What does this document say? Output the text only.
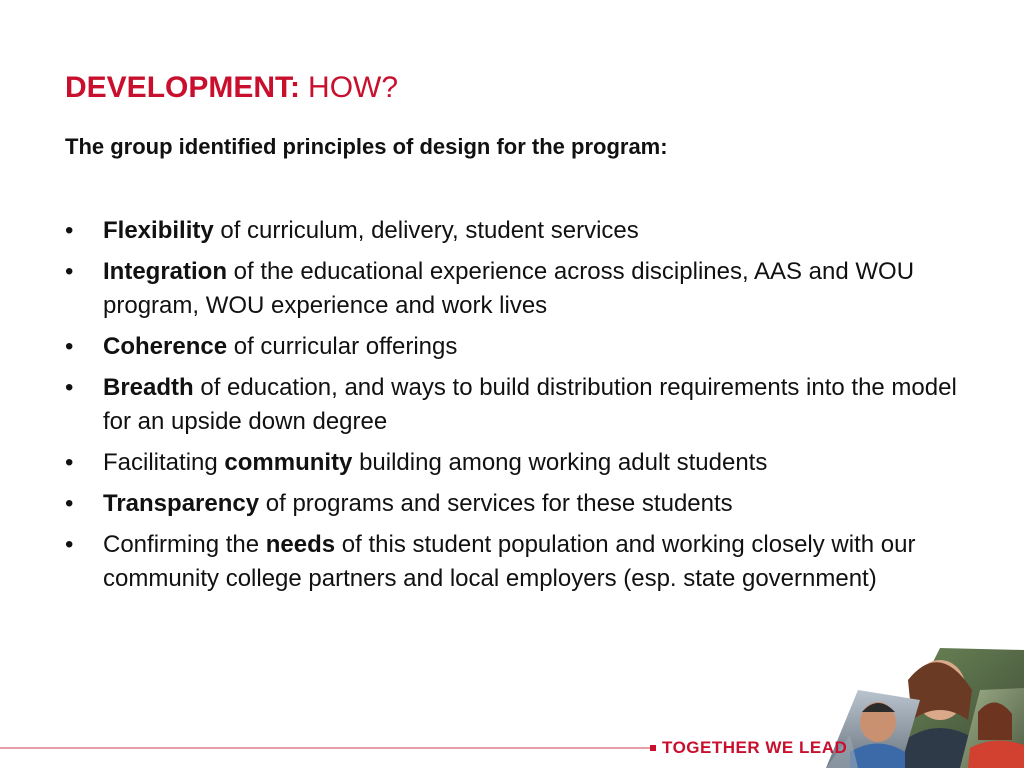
DEVELOPMENT: HOW?
The group identified principles of design for the program:
• Flexibility of curriculum, delivery, student services
• Integration of the educational experience across disciplines, AAS and WOU program, WOU experience and work lives
• Coherence of curricular offerings
• Breadth of education, and ways to build distribution requirements into the model for an upside down degree
• Facilitating community building among working adult students
• Transparency of programs and services for these students
• Confirming the needs of this student population and working closely with our community college partners and local employers (esp. state government)
TOGETHER WE LEAD
